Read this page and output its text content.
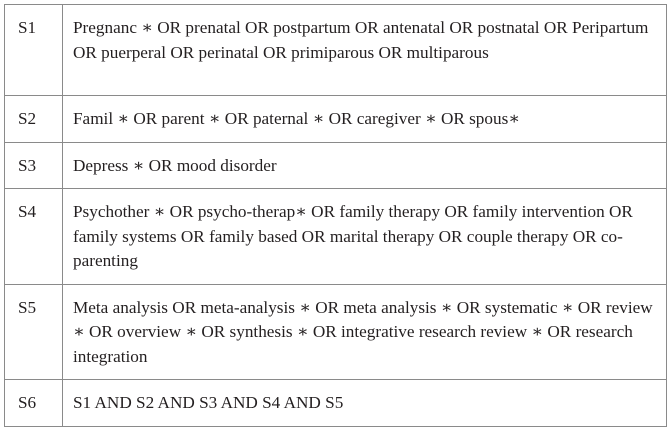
S1	Pregnanc ∗ OR prenatal OR postpartum OR antenatal OR postnatal OR Peripartum OR puerperal OR perinatal OR primiparous OR multiparous
S2	Famil ∗ OR parent ∗ OR paternal ∗ OR caregiver ∗ OR spous∗
S3	Depress ∗ OR mood disorder
S4	Psychother ∗ OR psycho-therap∗ OR family therapy OR family intervention OR family systems OR family based OR marital therapy OR couple therapy OR co-parenting
S5	Meta analysis OR meta-analysis ∗ OR meta analysis ∗ OR systematic ∗ OR review ∗ OR overview ∗ OR synthesis ∗ OR integrative research review ∗ OR research integration
S6	S1 AND S2 AND S3 AND S4 AND S5
